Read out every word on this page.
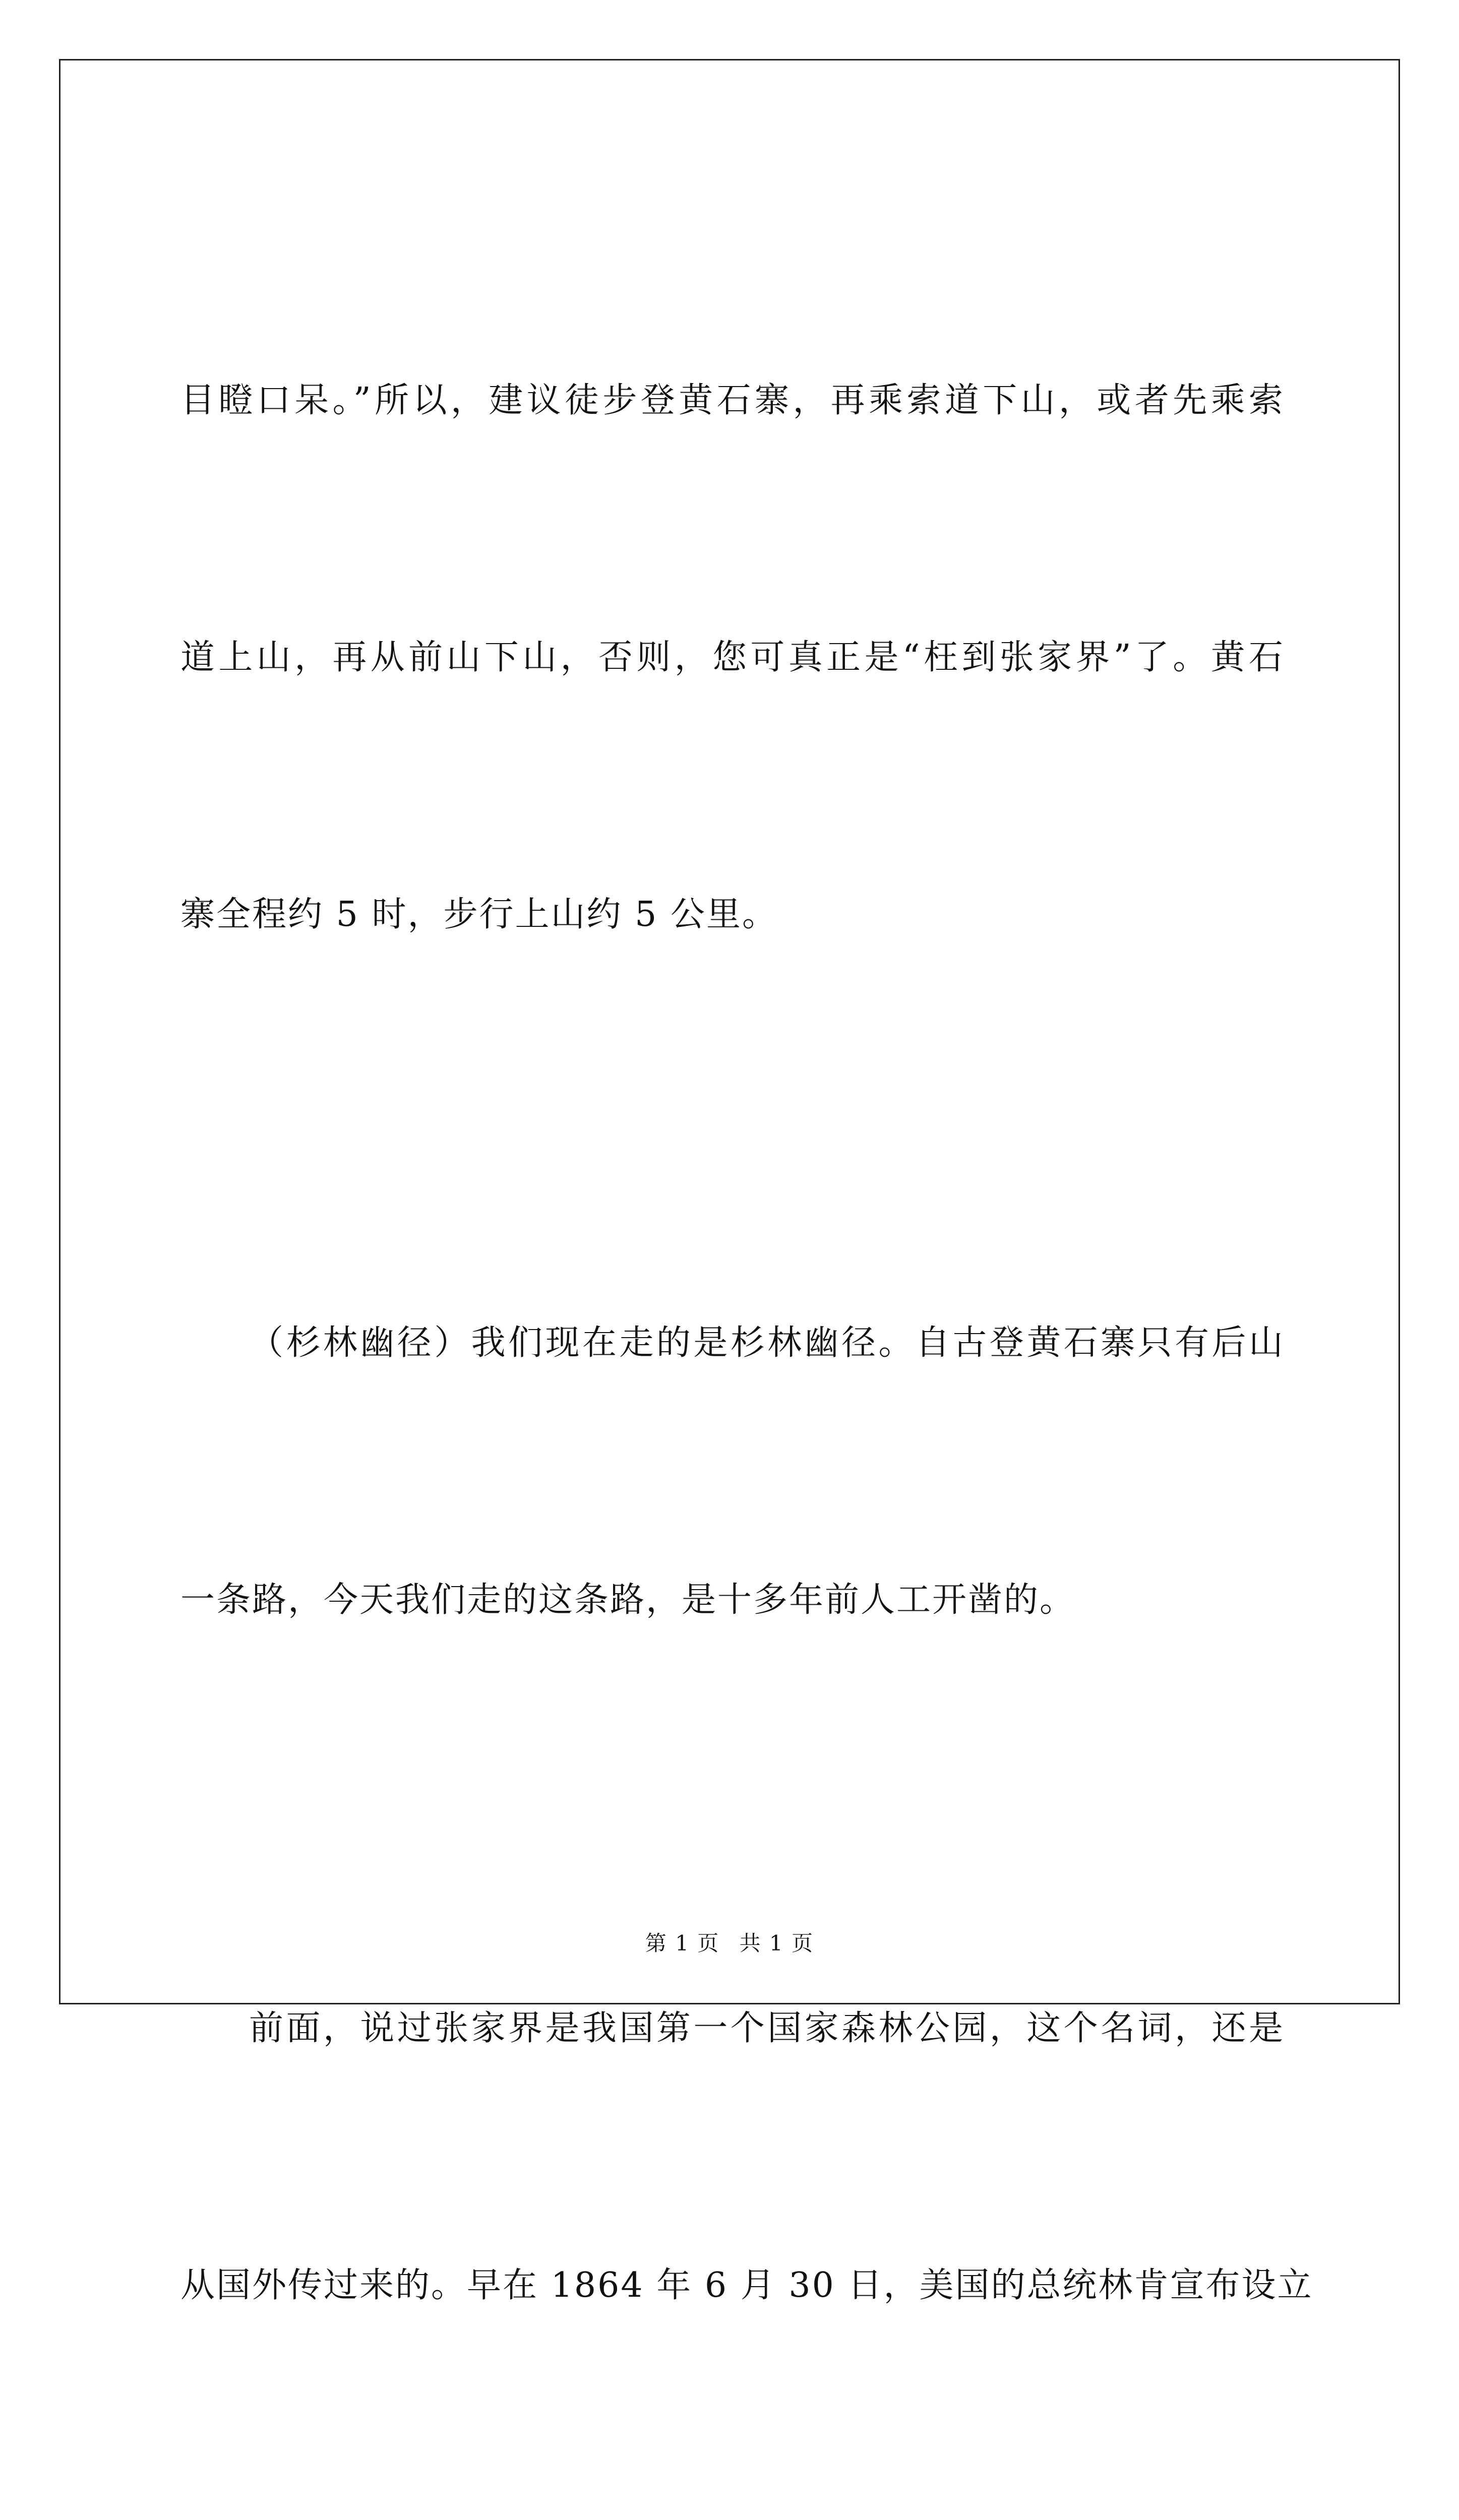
目瞪口呆。”所以，建议徒步登黄石寨，再乘索道下山，或者先乘索

道上山，再从前山下山，否则，您可真正是“枉到张家界”了。黄石

寨全程约 5 时，步行上山约 5 公里。

（杉林幽径）我们现在走的是杉林幽径。自古登黄石寨只有后山

一条路，今天我们走的这条路，是十多年前人工开凿的。

前面，说过张家界是我国第一个国家森林公园，这个名词，还是

从国外传过来的。早在 1864 年 6 月 30 日，美国的总统林肯宣布设立

第 1 页 共 1 页
